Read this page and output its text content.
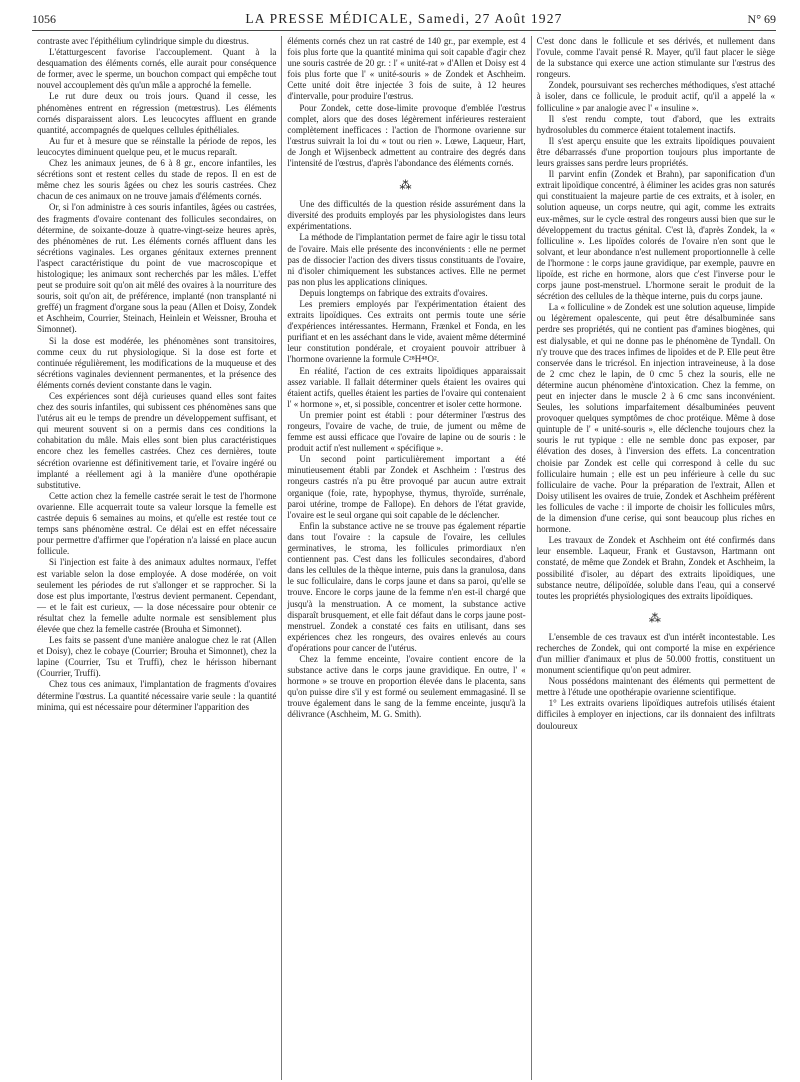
1056	LA PRESSE MÉDICALE, Samedi, 27 Août 1927	N° 69

contraste avec l'épithélium cylindrique simple du diœstrus.

L'étatturgescent favorise l'accouplement. Quant à la desquamation des éléments cornés, elle aurait pour conséquence de former, avec le sperme, un bouchon compact qui empêche tout nouvel accouplement dès qu'un mâle a approché la femelle.

Le rut dure deux ou trois jours. Quand il cesse, les phénomènes entrent en régression (metœstrus). Les éléments cornés disparaissent alors. Les leucocytes affluent en grande quantité, accompagnés de quelques cellules épithéliales.

Au fur et à mesure que se réinstalle la période de repos, les leucocytes diminuent quelque peu, et le mucus reparaît.

Chez les animaux jeunes, de 6 à 8 gr., encore infantiles, les sécrétions sont et restent celles du stade de repos. Il en est de même chez les souris âgées ou chez les souris castrées. Chez chacun de ces animaux on ne trouve jamais d'éléments cornés.

Or, si l'on administre à ces souris infantiles, âgées ou castrées, des fragments d'ovaire contenant des follicules secondaires, on détermine, de soixante-douze à quatre-vingt-seize heures après, des phénomènes de rut. Les éléments cornés affluent dans les sécrétions vaginales. Les organes génitaux externes prennent l'aspect caractéristique du point de vue macroscopique et histologique; les animaux sont recherchés par les mâles. L'effet peut se produire soit qu'on ait mêlé des ovaires à la nourriture des souris, soit qu'on ait, de préférence, implanté (non transplanté ni greffé) un fragment d'organe sous la peau (Allen et Doisy, Zondek et Aschheim, Courrier, Steinach, Heinlein et Weissner, Brouha et Simonnet).

Si la dose est modérée, les phénomènes sont transitoires, comme ceux du rut physiologique. Si la dose est forte et continuée régulièrement, les modifications de la muqueuse et des sécrétions vaginales deviennent permanentes, et la présence des éléments cornés devient constante dans le vagin.

Ces expériences sont déjà curieuses quand elles sont faites chez des souris infantiles, qui subissent ces phénomènes sans que l'utérus ait eu le temps de prendre un développement suffisant, et qui meurent souvent si on a permis dans ces conditions la cohabitation du mâle. Mais elles sont bien plus caractéristiques encore chez les femelles castrées. Chez ces dernières, toute sécrétion ovarienne est définitivement tarie, et l'ovaire ingéré ou implanté a réellement agi à la manière d'une opothérapie substitutive.

Cette action chez la femelle castrée serait le test de l'hormone ovarienne. Elle acquerrait toute sa valeur lorsque la femelle est castrée depuis 6 semaines au moins, et qu'elle est restée tout ce temps sans phénomène œstral. Ce délai est en effet nécessaire pour permettre d'affirmer que l'opération n'a laissé en place aucun follicule.

Si l'injection est faite à des animaux adultes normaux, l'effet est variable selon la dose employée. A dose modérée, on voit seulement les périodes de rut s'allonger et se rapprocher. Si la dose est plus importante, l'œstrus devient permanent. Cependant, — et le fait est curieux, — la dose nécessaire pour obtenir ce résultat chez la femelle adulte normale est sensiblement plus élevée que chez la femelle castrée (Brouha et Simonnet).

Les faits se passent d'une manière analogue chez le rat (Allen et Doisy), chez le cobaye (Courrier; Brouha et Simonnet), chez la lapine (Courrier, Tsu et Truffi), chez le hérisson hibernant (Courrier, Truffi).

Chez tous ces animaux, l'implantation de fragments d'ovaires détermine l'œstrus. La quantité nécessaire varie seule : la quantité minima, qui est nécessaire pour déterminer l'apparition des

éléments cornés chez un rat castré de 140 gr., par exemple, est 4 fois plus forte que la quantité minima qui soit capable d'agir chez une souris castrée de 20 gr. : l' « unité-rat » d'Allen et Doisy est 4 fois plus forte que l' « unité-souris » de Zondek et Aschheim. Cette unité doit être injectée 3 fois de suite, à 12 heures d'intervalle, pour produire l'œstrus.

Pour Zondek, cette dose-limite provoque d'emblée l'œstrus complet, alors que des doses légèrement inférieures resteraient complètement inefficaces : l'action de l'hormone ovarienne sur l'œstrus suivrait la loi du « tout ou rien ». Lœwe, Laqueur, Hart, de Jongh et Wijsenbeck admettent au contraire des degrés dans l'intensité de l'œstrus, d'après l'abondance des éléments cornés.

⁂

Une des difficultés de la question réside assurément dans la diversité des produits employés par les physiologistes dans leurs expérimentations.

La méthode de l'implantation permet de faire agir le tissu total de l'ovaire. Mais elle présente des inconvénients : elle ne permet pas de dissocier l'action des divers tissus constituants de l'ovaire, ni d'isoler chimiquement les substances actives. Elle ne permet pas non plus les applications cliniques.

Depuis longtemps on fabrique des extraits d'ovaires.

Les premiers employés par l'expérimentation étaient des extraits lipoïdiques. Ces extraits ont permis toute une série d'expériences intéressantes. Hermann, Frænkel et Fonda, en les purifiant et en les asséchant dans le vide, avaient même déterminé leur constitution pondérale, et croyaient pouvoir attribuer à l'hormone ovarienne la formule C²⁸H⁴⁸O².

En réalité, l'action de ces extraits lipoïdiques apparaissait assez variable. Il fallait déterminer quels étaient les ovaires qui étaient actifs, quelles étaient les parties de l'ovaire qui contenaient l' « hormone », et, si possible, concentrer et isoler cette hormone.

Un premier point est établi : pour déterminer l'œstrus des rongeurs, l'ovaire de vache, de truie, de jument ou même de femme est aussi efficace que l'ovaire de lapine ou de souris : le produit actif n'est nullement « spécifique ».

Un second point particulièrement important a été minutieusement établi par Zondek et Aschheim : l'œstrus des rongeurs castrés n'a pu être provoqué par aucun autre extrait organique (foie, rate, hypophyse, thymus, thyroïde, surrénale, paroi utérine, trompe de Fallope). En dehors de l'état gravide, l'ovaire est le seul organe qui soit capable de le déclencher.

Enfin la substance active ne se trouve pas également répartie dans tout l'ovaire : la capsule de l'ovaire, les cellules germinatives, le stroma, les follicules primordiaux n'en contiennent pas. C'est dans les follicules secondaires, d'abord dans les cellules de la thèque interne, puis dans la granulosa, dans le suc folliculaire, dans le corps jaune et dans sa paroi, qu'elle se trouve. Encore le corps jaune de la femme n'en est-il chargé que jusqu'à la menstruation. A ce moment, la substance active disparaît brusquement, et elle fait défaut dans le corps jaune post-menstruel. Zondek a constaté ces faits en utilisant, dans ses expériences chez les rongeurs, des ovaires enlevés au cours d'opérations pour cancer de l'utérus.

Chez la femme enceinte, l'ovaire contient encore de la substance active dans le corps jaune gravidique. En outre, l' « hormone » se trouve en proportion élevée dans le placenta, sans qu'on puisse dire s'il y est formé ou seulement emmagasiné. Il se trouve également dans le sang de la femme enceinte, jusqu'à la délivrance (Aschheim, M. G. Smith).

C'est donc dans le follicule et ses dérivés, et nullement dans l'ovule, comme l'avait pensé R. Mayer, qu'il faut placer le siège de la substance qui exerce une action stimulante sur l'œstrus des rongeurs.

Zondek, poursuivant ses recherches méthodiques, s'est attaché à isoler, dans ce follicule, le produit actif, qu'il a appelé la « folliculine » par analogie avec l' « insuline ».

Il s'est rendu compte, tout d'abord, que les extraits hydrosolubles du commerce étaient totalement inactifs.

Il s'est aperçu ensuite que les extraits lipoïdiques pouvaient être débarrassés d'une proportion toujours plus importante de leurs graisses sans perdre leurs propriétés.

Il parvint enfin (Zondek et Brahn), par saponification d'un extrait lipoïdique concentré, à éliminer les acides gras non saturés qui constituaient la majeure partie de ces extraits, et à isoler, en solution aqueuse, un corps neutre, qui agit, comme les extraits eux-mêmes, sur le cycle œstral des rongeurs aussi bien que sur le développement du tractus génital. C'est là, d'après Zondek, la « folliculine ». Les lipoïdes colorés de l'ovaire n'en sont que le solvant, et leur abondance n'est nullement proportionnelle à celle de l'hormone : le corps jaune gravidique, par exemple, pauvre en lipoïde, est riche en hormone, alors que c'est l'inverse pour le corps jaune post-menstruel. L'hormone serait le produit de la sécrétion des cellules de la thèque interne, puis du corps jaune.

La « folliculine » de Zondek est une solution aqueuse, limpide ou légèrement opalescente, qui peut être désalbuminée sans perdre ses propriétés, qui ne contient pas d'amines biogènes, qui est dialysable, et qui ne donne pas le phénomène de Tyndall. On n'y trouve que des traces infimes de lipoïdes et de P. Elle peut être conservée dans le tricrésol. En injection intraveineuse, à la dose de 2 cmc chez le lapin, de 0 cmc 5 chez la souris, elle ne détermine aucun phénomène d'intoxication. Chez la femme, on peut en injecter dans le muscle 2 à 6 cmc sans inconvénient. Seules, les solutions imparfaitement désalbuminées peuvent provoquer quelques symptômes de choc protéique. Même à dose quintuple de l' « unité-souris », elle déclenche toujours chez la souris le rut typique : elle ne semble donc pas exposer, par élévation des doses, à l'inversion des effets. La concentration choisie par Zondek est celle qui correspond à celle du suc folliculaire humain ; elle est un peu inférieure à celle du suc folliculaire de vache. Pour la préparation de l'extrait, Allen et Doisy utilisent les ovaires de truie, Zondek et Aschheim préfèrent les follicules de vache : il importe de choisir les follicules mûrs, de la dimension d'une cerise, qui sont beaucoup plus riches en hormone.

Les travaux de Zondek et Aschheim ont été confirmés dans leur ensemble. Laqueur, Frank et Gustavson, Hartmann ont constaté, de même que Zondek et Brahn, Zondek et Aschheim, la possibilité d'isoler, au départ des extraits lipoïdiques, une substance neutre, délipoïdée, soluble dans l'eau, qui a conservé toutes les propriétés physiologiques des extraits lipoïdiques.

⁂

L'ensemble de ces travaux est d'un intérêt incontestable. Les recherches de Zondek, qui ont comporté la mise en expérience d'un millier d'animaux et plus de 50.000 frottis, constituent un monument scientifique qu'on peut admirer.

Nous possédons maintenant des éléments qui permettent de mettre à l'étude une opothérapie ovarienne scientifique.

1° Les extraits ovariens lipoïdiques autrefois utilisés étaient difficiles à employer en injections, car ils donnaient des infiltrats douloureux
